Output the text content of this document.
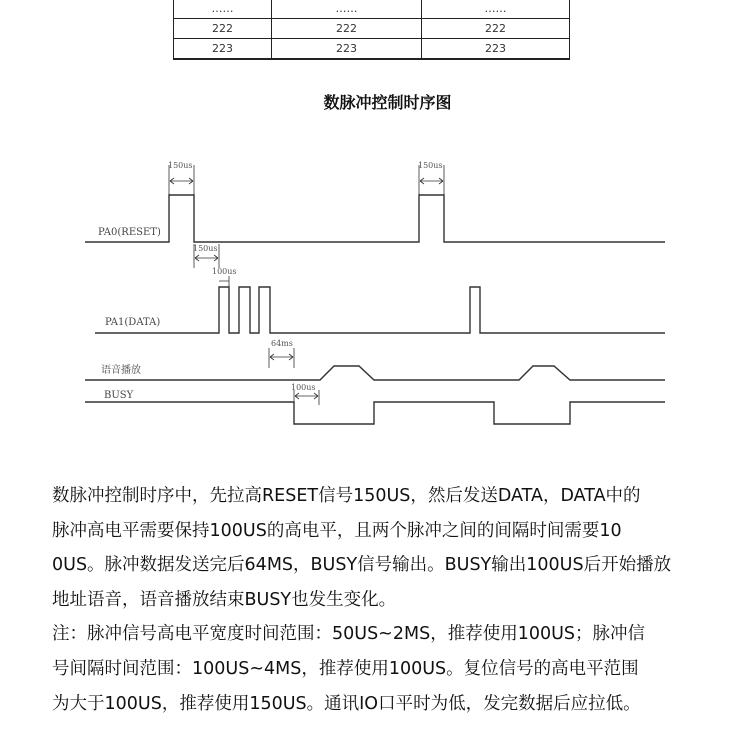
……	……	……
222	222	222
223	223	223
数脉冲控制时序图
PA0(RESET)
150us	150us
PA1(DATA)
150us
100us
64ms
语音播放
BUSY
100us
数脉冲控制时序中，先拉高RESET信号150US，然后发送DATA，DATA中的
脉冲高电平需要保持100US的高电平，且两个脉冲之间的间隔时间需要10
0US。脉冲数据发送完后64MS，BUSY信号输出。BUSY输出100US后开始播放
地址语音，语音播放结束BUSY也发生变化。
注：脉冲信号高电平宽度时间范围：50US~2MS，推荐使用100US；脉冲信
号间隔时间范围：100US~4MS，推荐使用100US。复位信号的高电平范围
为大于100US，推荐使用150US。通讯IO口平时为低，发完数据后应拉低。
